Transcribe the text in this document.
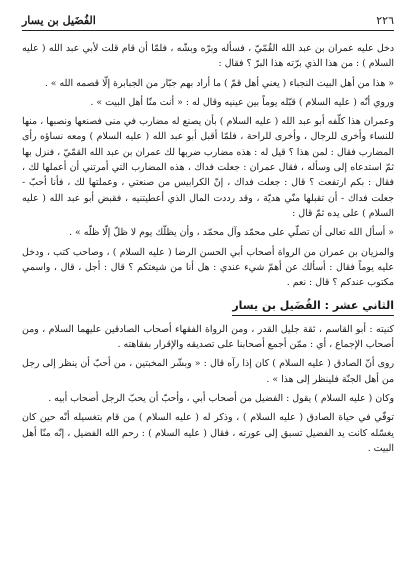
٢٢٦
الفُضَيل بن يسار

دخل عليه عمران بن عبد الله القُمّيّ ، فسأله وبرّه وبشّه ، فلمّا أن قام قلت لأبي عبد الله ( عليه السلام ) : من هذا الذي برّته هذا البرّ ؟ فقال :

« هذا من أهل البيت النجباء ( يعني أهل قمّ ) ما أراد بهم جبّار من الجبابرة إلّا قصمه الله » .

وروي أنّه ( عليه السلام ) قبّله يوماً بين عينيه وقال له : « أنت منّا أهل البيت » .

وعمران هذا كلّفه أبو عبد الله ( عليه السلام ) بأن يصنع له مضارب في منى فصنعها ونصبها ، منها للنساء وأخرى للرجال ، وأخرى للراحة ، فلمّا أقبل أبو عبد الله ( عليه السلام ) ومعه نساؤه رأى المضارب فقال : لمن هذا ؟ قيل له : هذه مضارب ضربها لك عمران بن عبد الله القمّيّ ، فنزل بها ثمّ استدعاه إلى وسأله ، فقال عمران : جعلت فداك ، هذه المضارب التي أمرتني أن أعملها لك ، فقال : بكم ارتفعت ؟ قال : جعلت فداك ، إنّ الكرابيس من صنعتي ، وعملتها لك ، فأنا أحبّ - جعلت فداك - أن تقبلها منّي هديّة ، وقد رددت المال الذي أعطيتنيه ، فقبض أبو عبد الله ( عليه السلام ) على يده ثمّ قال :

« أسأل الله تعالى أن تصلّي على محمّد وآل محمّد ، وأن يظلّك يوم لا ظلّ إلّا ظلّه » .

والمزيان بن عمران من الرواة أصحاب أبي الحسن الرضا ( عليه السلام ) ، وصاحب كتب ، ودخل عليه يوماً فقال : أسألك عن أهمّ شيء عندي : هل أنا من شيعتكم ؟ قال : أجل ، قال ، واسمي مكتوب عندكم ؟ قال : نعم .

الثاني عشر : الفُضَيل بن يسار

كنيته : أبو القاسم ، ثقة جليل القدر ، ومن الرواة الفقهاء أصحاب الصادقين عليهما السلام ، ومن أصحاب الإجماع ، أي : ممّن أجمع أصحابنا على تصديقه والإقرار بفقاهته .

روى أنّ الصادق ( عليه السلام ) كان إذا رآه قال : « وبشّر المخبتين ، من أحبّ أن ينظر إلى رجل من أهل الجنّة فلينظر إلى هذا » .

وكان ( عليه السلام ) يقول : الفضيل من أصحاب أبي ، وأحبّ أن يحبّ الرجل أصحاب أبيه .

توفّي في حياة الصادق ( عليه السلام ) ، وذكر له ( عليه السلام ) من قام بتغسيله أنّه حين كان يغسّله كانت يد الفضيل تسبق إلى عورته ، فقال ( عليه السلام ) : رحم الله الفضيل ، إنّه منّا أهل البيت .
